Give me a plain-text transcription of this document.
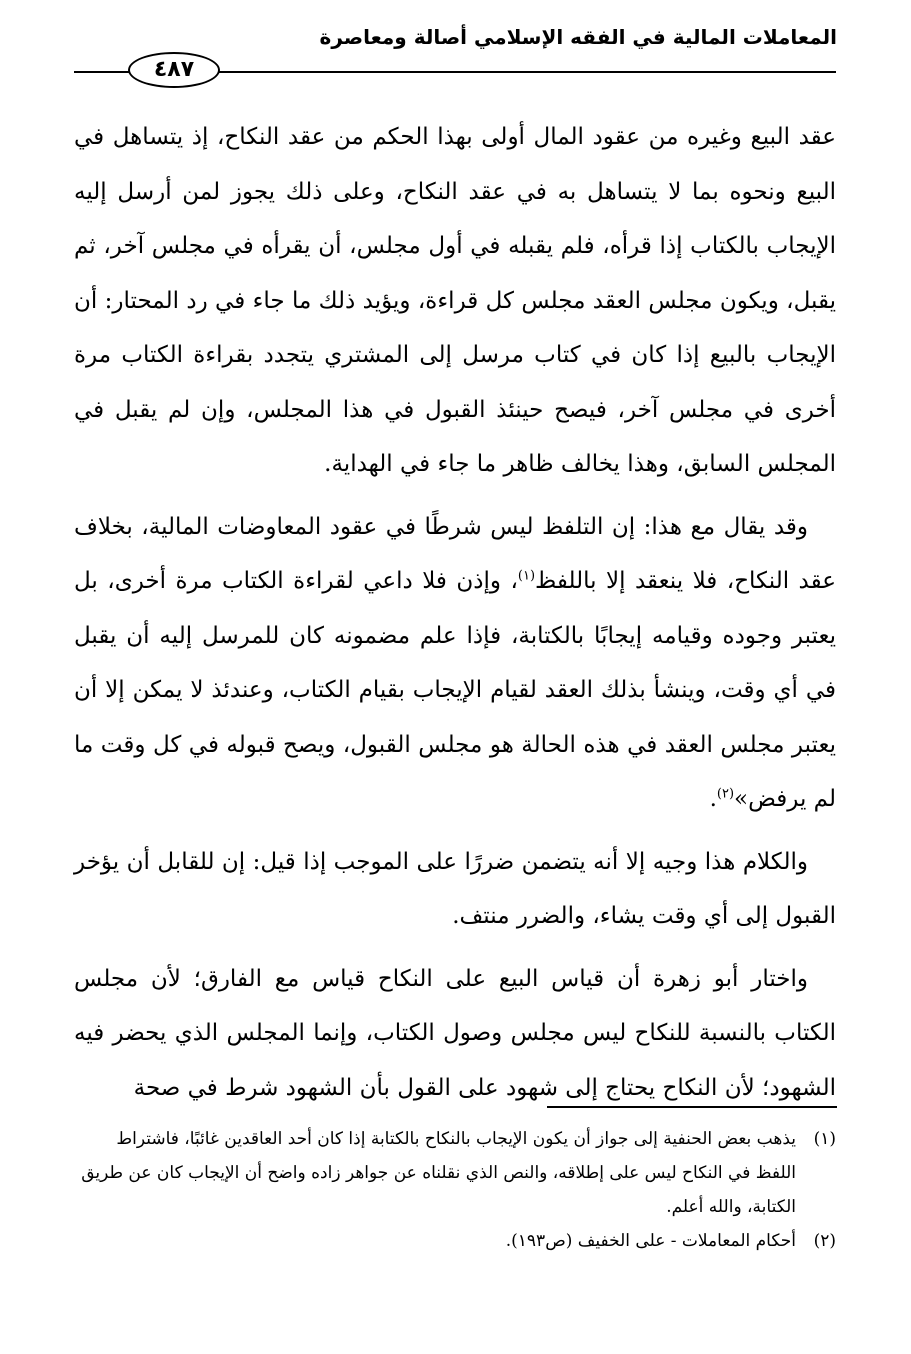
المعاملات المالية في الفقه الإسلامي أصالة ومعاصرة
٤٨٧

عقد البيع وغيره من عقود المال أولى بهذا الحكم من عقد النكاح، إذ يتساهل في البيع ونحوه بما لا يتساهل به في عقد النكاح، وعلى ذلك يجوز لمن أرسل إليه الإيجاب بالكتاب إذا قرأه، فلم يقبله في أول مجلس، أن يقرأه في مجلس آخر، ثم يقبل، ويكون مجلس العقد مجلس كل قراءة، ويؤيد ذلك ما جاء في رد المحتار: أن الإيجاب بالبيع إذا كان في كتاب مرسل إلى المشتري يتجدد بقراءة الكتاب مرة أخرى في مجلس آخر، فيصح حينئذ القبول في هذا المجلس، وإن لم يقبل في المجلس السابق، وهذا يخالف ظاهر ما جاء في الهداية.

وقد يقال مع هذا: إن التلفظ ليس شرطًا في عقود المعاوضات المالية، بخلاف عقد النكاح، فلا ينعقد إلا باللفظ$^{(١)}$، وإذن فلا داعي لقراءة الكتاب مرة أخرى، بل يعتبر وجوده وقيامه إيجابًا بالكتابة، فإذا علم مضمونه كان للمرسل إليه أن يقبل في أي وقت، وينشأ بذلك العقد لقيام الإيجاب بقيام الكتاب، وعندئذ لا يمكن إلا أن يعتبر مجلس العقد في هذه الحالة هو مجلس القبول، ويصح قبوله في كل وقت ما لم يرفض»$^{(٢)}$.

والكلام هذا وجيه إلا أنه يتضمن ضررًا على الموجب إذا قيل: إن للقابل أن يؤخر القبول إلى أي وقت يشاء، والضرر منتف.

واختار أبو زهرة أن قياس البيع على النكاح قياس مع الفارق؛ لأن مجلس الكتاب بالنسبة للنكاح ليس مجلس وصول الكتاب، وإنما المجلس الذي يحضر فيه الشهود؛ لأن النكاح يحتاج إلى شهود على القول بأن الشهود شرط في صحة

(١)
يذهب بعض الحنفية إلى جواز أن يكون الإيجاب بالنكاح بالكتابة إذا كان أحد العاقدين غائبًا، فاشتراط اللفظ في النكاح ليس على إطلاقه، والنص الذي نقلناه عن جواهر زاده واضح أن الإيجاب كان عن طريق الكتابة، والله أعلم.

(٢)
أحكام المعاملات - على الخفيف (ص١٩٣).
